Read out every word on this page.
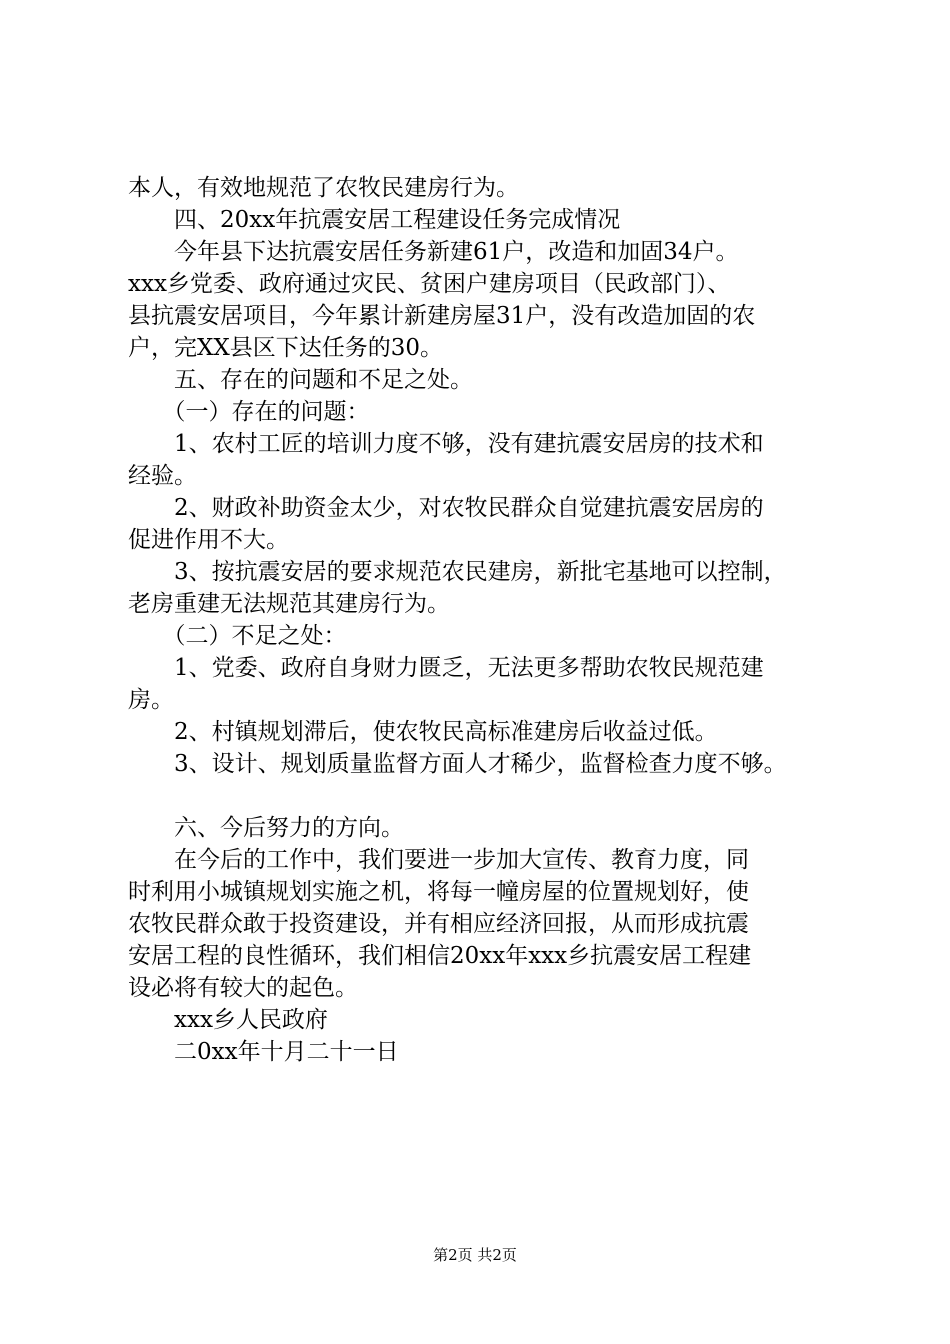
本人，有效地规范了农牧民建房行为。
　　四、20xx年抗震安居工程建设任务完成情况
　　今年县下达抗震安居任务新建61户，改造和加固34户。
xxx乡党委、政府通过灾民、贫困户建房项目（民政部门）、
县抗震安居项目，今年累计新建房屋31户，没有改造加固的农
户，完XX县区下达任务的30。
　　五、存在的问题和不足之处。
　　（一）存在的问题：
　　1、农村工匠的培训力度不够，没有建抗震安居房的技术和
经验。
　　2、财政补助资金太少，对农牧民群众自觉建抗震安居房的
促进作用不大。
　　3、按抗震安居的要求规范农民建房，新批宅基地可以控制，
老房重建无法规范其建房行为。
　　（二）不足之处：
　　1、党委、政府自身财力匮乏，无法更多帮助农牧民规范建
房。
　　2、村镇规划滞后，使农牧民高标准建房后收益过低。
　　3、设计、规划质量监督方面人才稀少，监督检查力度不够。
　　六、今后努力的方向。
　　在今后的工作中，我们要进一步加大宣传、教育力度，同
时利用小城镇规划实施之机，将每一幢房屋的位置规划好，使
农牧民群众敢于投资建设，并有相应经济回报，从而形成抗震
安居工程的良性循环，我们相信20xx年xxx乡抗震安居工程建
设必将有较大的起色。
　　xxx乡人民政府
　　二0xx年十月二十一日
第2页 共2页
